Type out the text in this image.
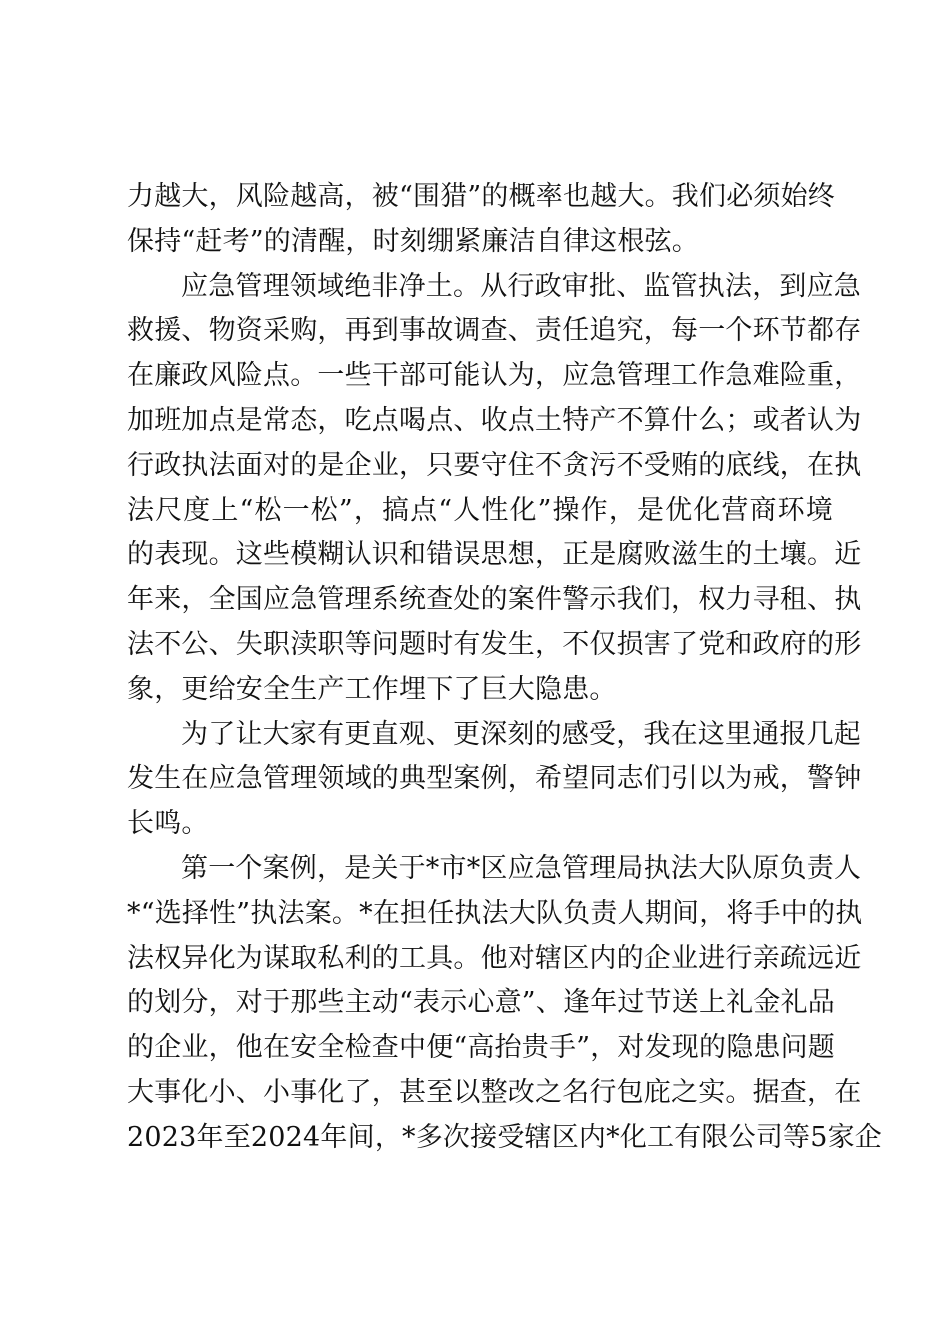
力越大，风险越高，被“围猎”的概率也越大。我们必须始终
保持“赶考”的清醒，时刻绷紧廉洁自律这根弦。
应急管理领域绝非净土。从行政审批、监管执法，到应急
救援、物资采购，再到事故调查、责任追究，每一个环节都存
在廉政风险点。一些干部可能认为，应急管理工作急难险重，
加班加点是常态，吃点喝点、收点土特产不算什么；或者认为
行政执法面对的是企业，只要守住不贪污不受贿的底线，在执
法尺度上“松一松”，搞点“人性化”操作，是优化营商环境
的表现。这些模糊认识和错误思想，正是腐败滋生的土壤。近
年来，全国应急管理系统查处的案件警示我们，权力寻租、执
法不公、失职渎职等问题时有发生，不仅损害了党和政府的形
象，更给安全生产工作埋下了巨大隐患。
为了让大家有更直观、更深刻的感受，我在这里通报几起
发生在应急管理领域的典型案例，希望同志们引以为戒，警钟
长鸣。
第一个案例，是关于*市*区应急管理局执法大队原负责人
*“选择性”执法案。*在担任执法大队负责人期间，将手中的执
法权异化为谋取私利的工具。他对辖区内的企业进行亲疏远近
的划分，对于那些主动“表示心意”、逢年过节送上礼金礼品
的企业，他在安全检查中便“高抬贵手”，对发现的隐患问题
大事化小、小事化了，甚至以整改之名行包庇之实。据查，在
2023年至2024年间，*多次接受辖区内*化工有限公司等5家企
